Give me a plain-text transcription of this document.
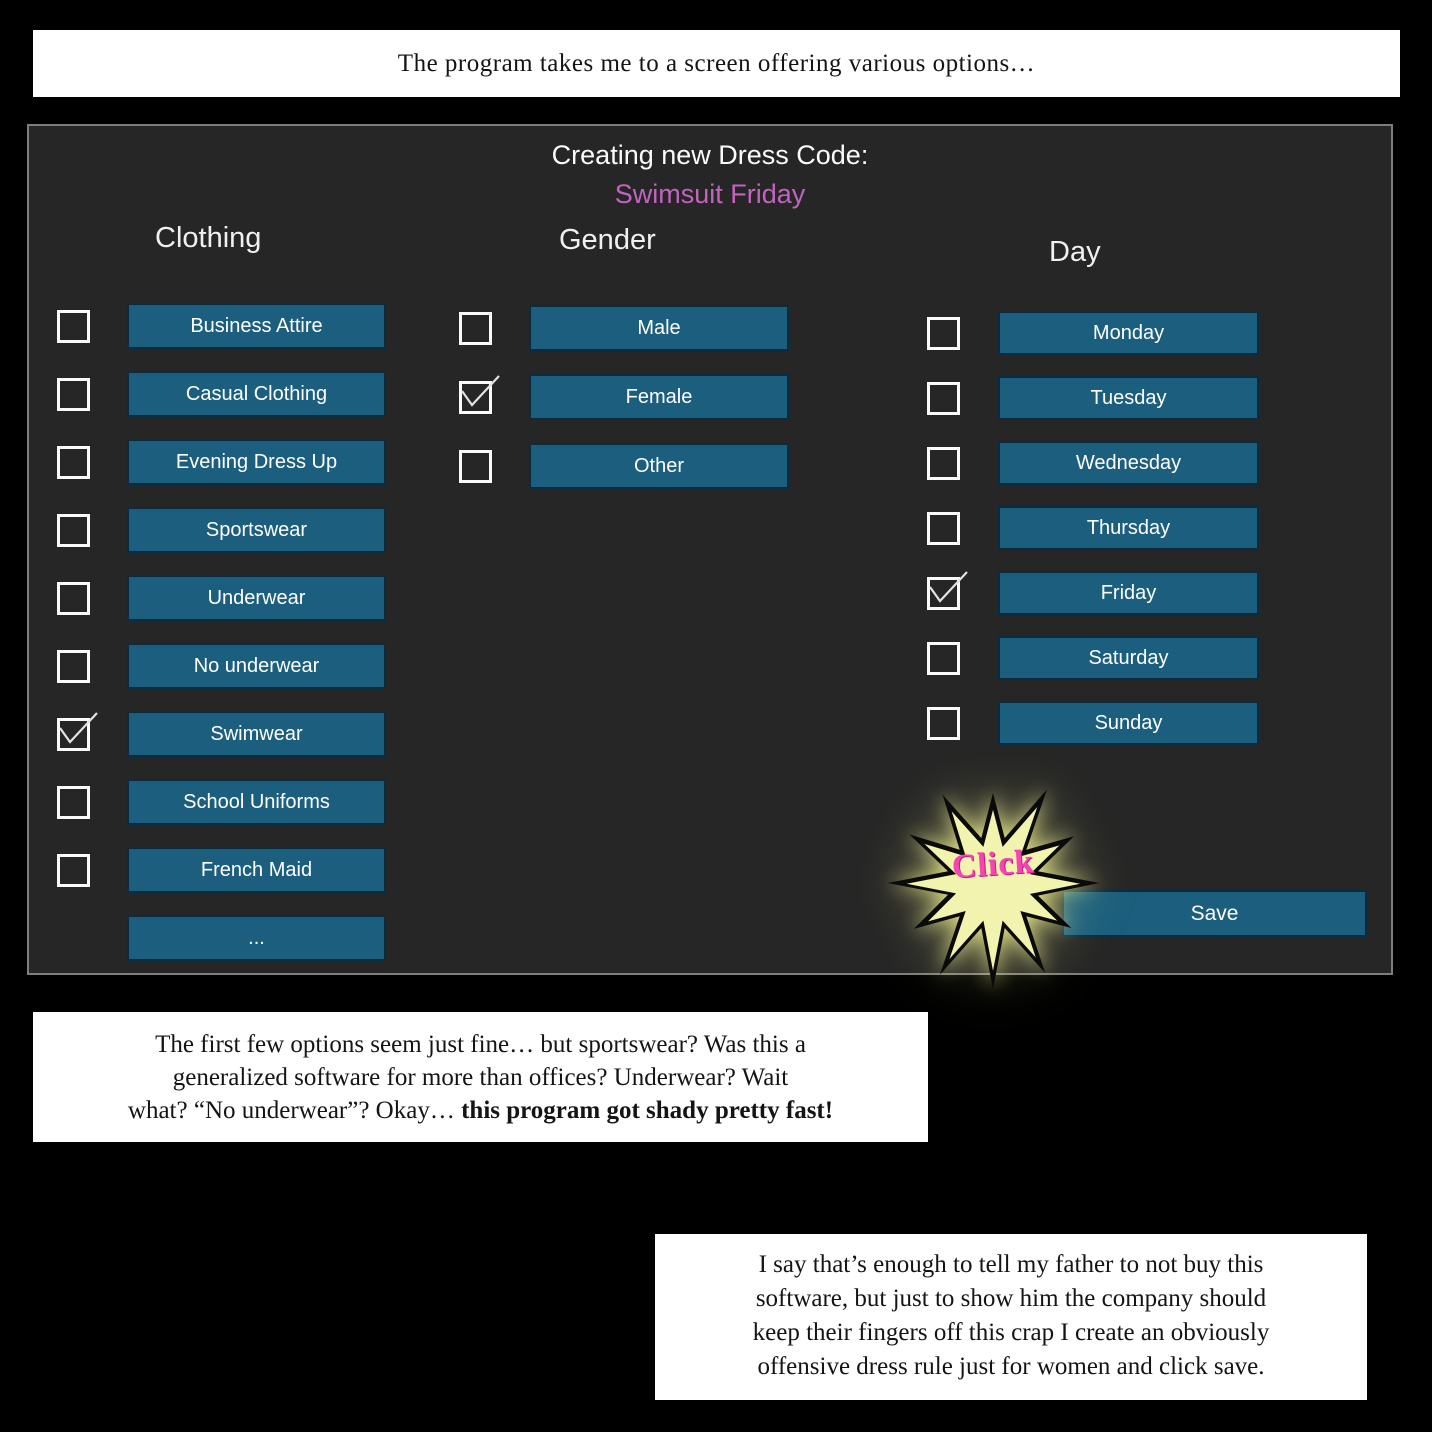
The program takes me to a screen offering various options…
Creating new Dress Code:
Swimsuit Friday
Clothing	Gender	Day
Business Attire
Casual Clothing
Evening Dress Up
Sportswear
Underwear
No underwear
Swimwear
School Uniforms
French Maid
...
Male
Female
Other
Monday
Tuesday
Wednesday
Thursday
Friday
Saturday
Sunday
Save
Click
The first few options seem just fine… but sportswear? Was this a
generalized software for more than offices? Underwear? Wait
what? “No underwear”? Okay… this program got shady pretty fast!
I say that’s enough to tell my father to not buy this
software, but just to show him the company should
keep their fingers off this crap I create an obviously
offensive dress rule just for women and click save.
